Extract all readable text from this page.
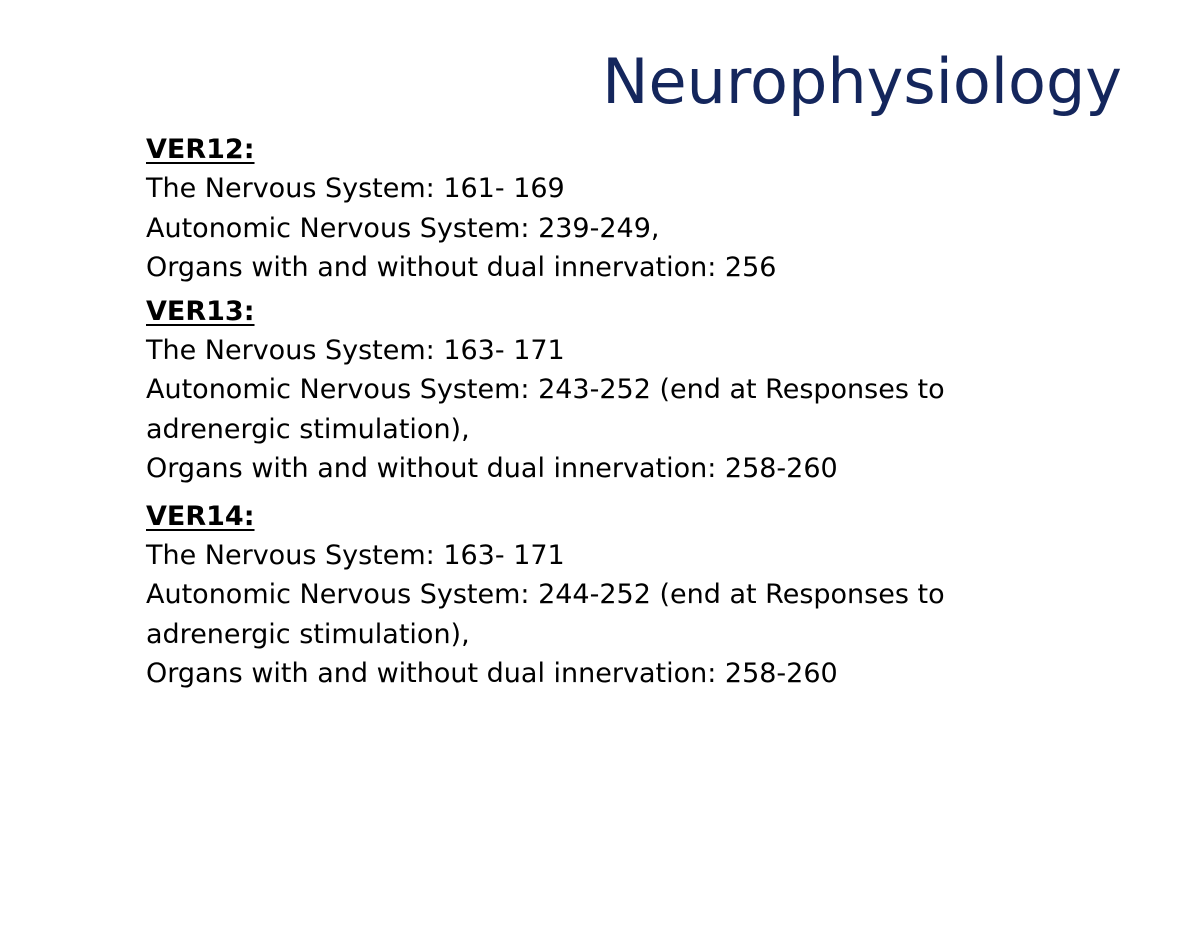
Neurophysiology
VER12:
The Nervous System: 161- 169
Autonomic Nervous System: 239-249,
Organs with and without dual innervation: 256
VER13:
The Nervous System: 163- 171
Autonomic Nervous System: 243-252 (end at Responses to
adrenergic stimulation),
Organs with and without dual innervation: 258-260
VER14:
The Nervous System: 163- 171
Autonomic Nervous System: 244-252 (end at Responses to
adrenergic stimulation),
Organs with and without dual innervation: 258-260
